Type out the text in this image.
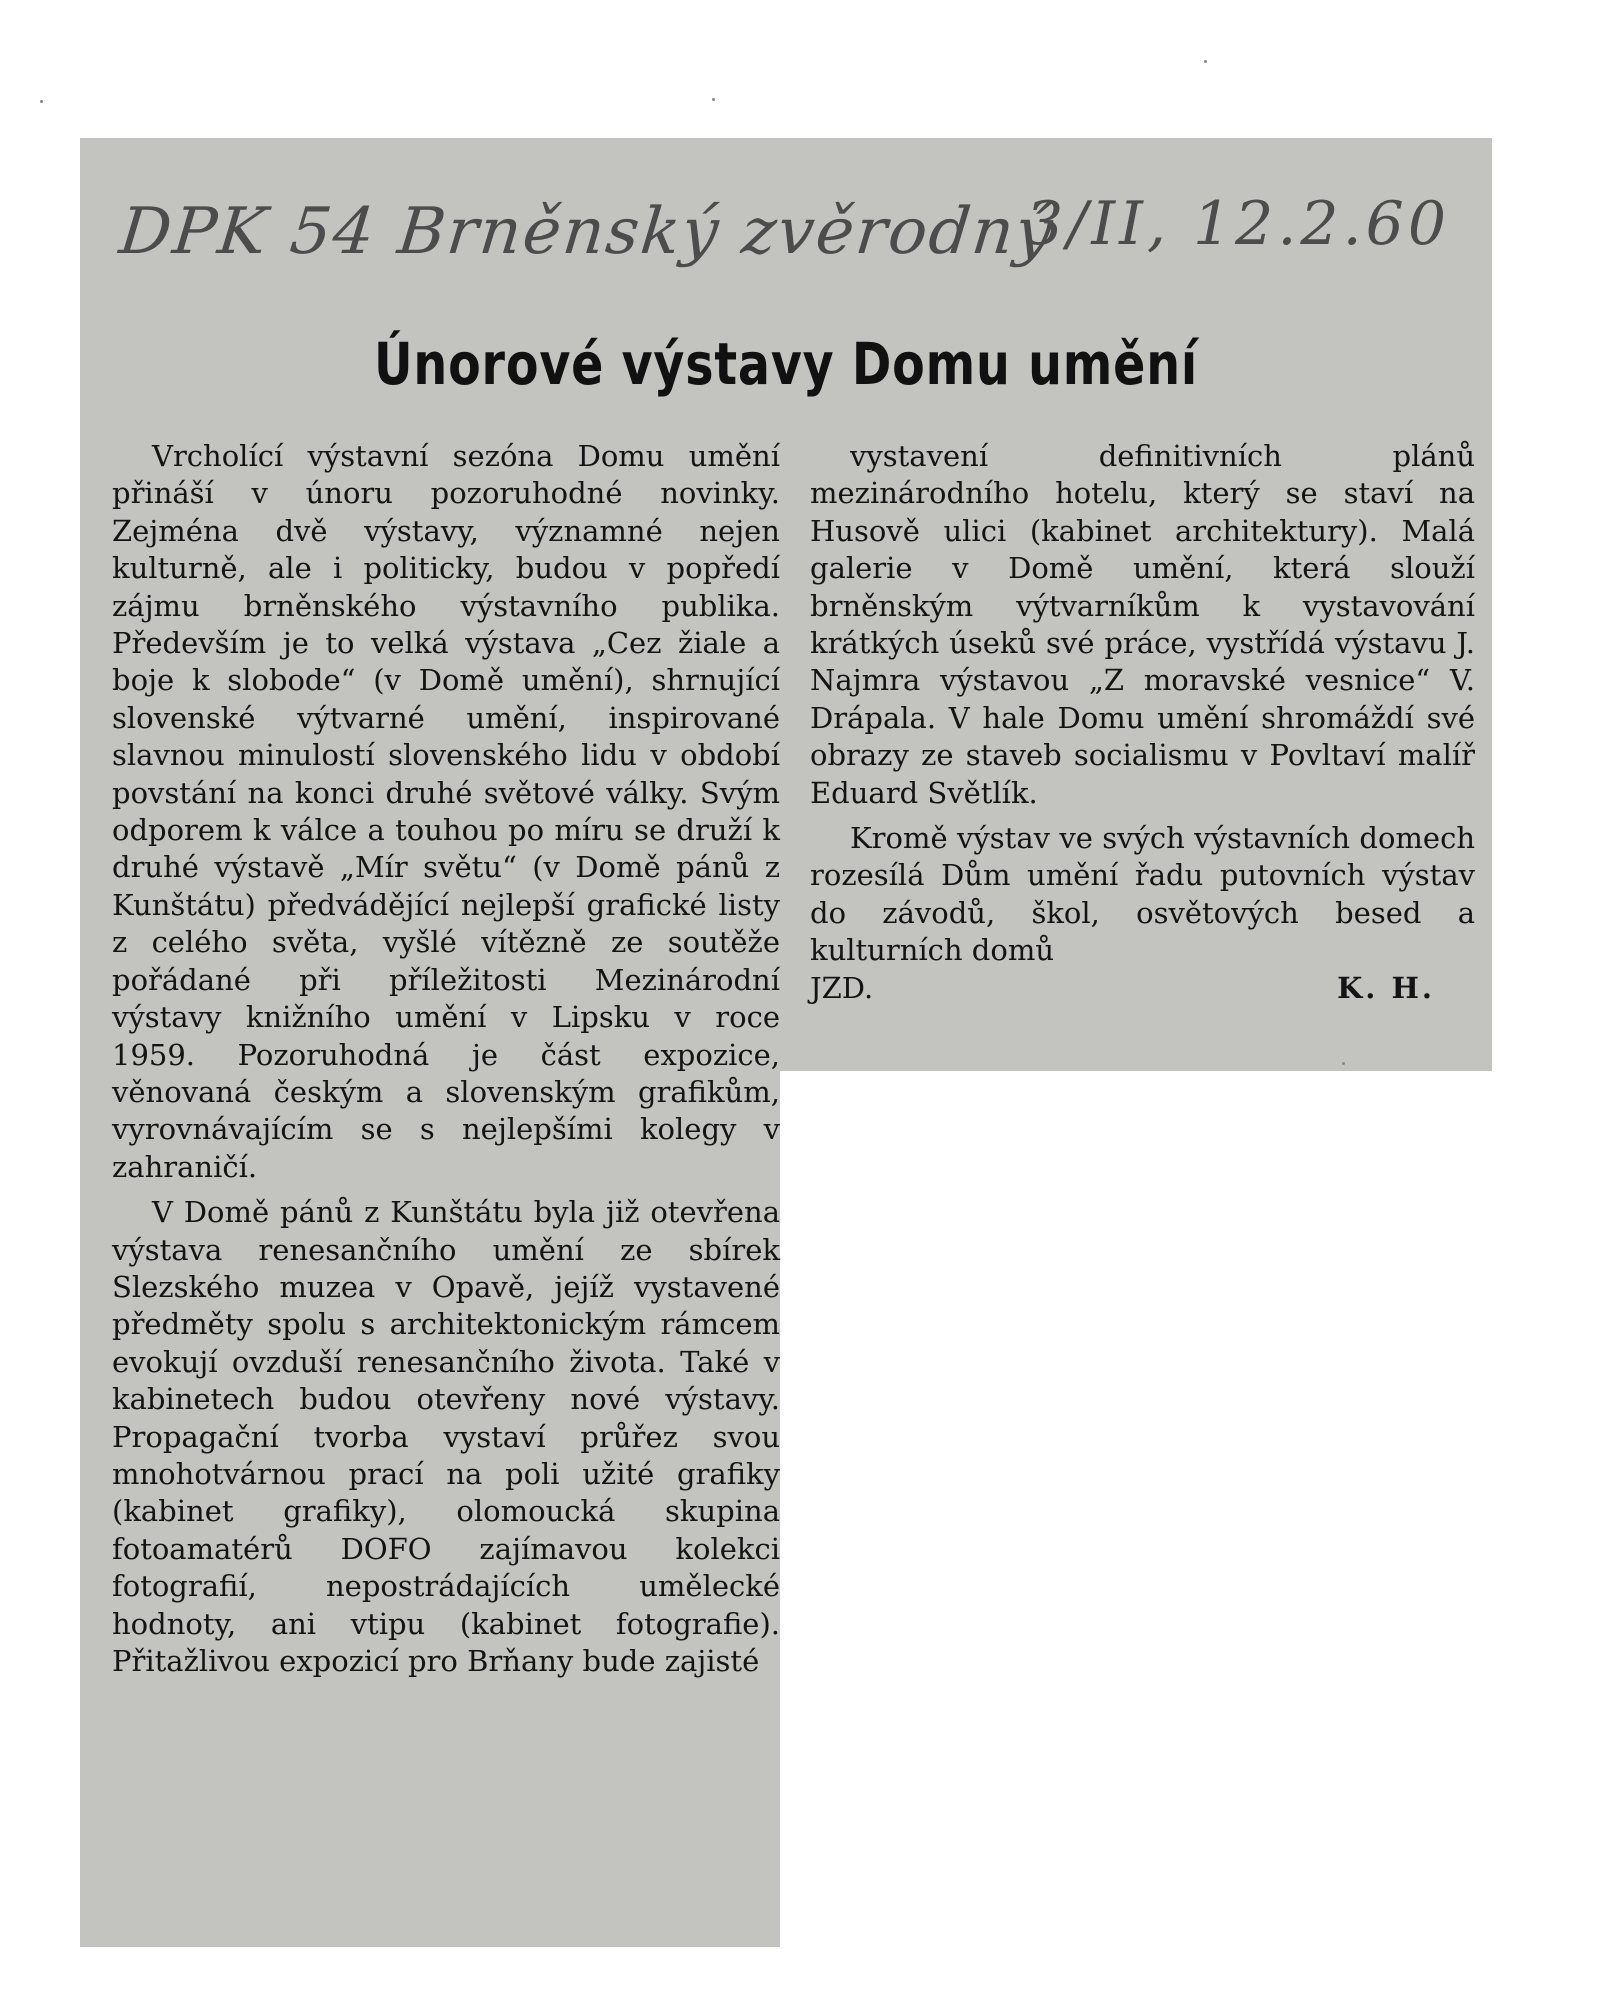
DPK 54 Brněnský zvěrodný
3/II, 12.2.60
Únorové výstavy Domu umění

Vrcholící výstavní sezóna Domu umění přináší v únoru pozoruhodné novinky. Zejména dvě výstavy, významné nejen kulturně, ale i politicky, budou v popředí zájmu brněnského výstavního publika. Především je to velká výstava „Cez žiale a boje k slobode“ (v Domě umění), shrnující slovenské výtvarné umění, inspirované slavnou minulostí slovenského lidu v období povstání na konci druhé světové války. Svým odporem k válce a touhou po míru se druží k druhé výstavě „Mír světu“ (v Domě pánů z Kunštátu) předvádějící nejlepší grafické listy z celého světa, vyšlé vítězně ze soutěže pořádané při příležitosti Mezinárodní výstavy knižního umění v Lipsku v roce 1959. Pozoruhodná je část expozice, věnovaná českým a slovenským grafikům, vyrovnávajícím se s nejlepšími kolegy v zahraničí.

V Domě pánů z Kunštátu byla již otevřena výstava renesančního umění ze sbírek Slezského muzea v Opavě, jejíž vystavené předměty spolu s architektonickým rámcem evokují ovzduší renesančního života. Také v kabinetech budou otevřeny nové výstavy. Propagační tvorba vystaví průřez svou mnohotvárnou prací na poli užité grafiky (kabinet grafiky), olomoucká skupina fotoamatérů DOFO zajímavou kolekci fotografií, nepostrádajících umělecké hodnoty, ani vtipu (kabinet fotografie). Přitažlivou expozicí pro Brňany bude zajisté

vystavení definitivních plánů mezinárodního hotelu, který se staví na Husově ulici (kabinet architektury). Malá galerie v Domě umění, která slouží brněnským výtvarníkům k vystavování krátkých úseků své práce, vystřídá výstavu J. Najmra výstavou „Z moravské vesnice“ V. Drápala. V hale Domu umění shromáždí své obrazy ze staveb socialismu v Povltaví malíř Eduard Světlík.

Kromě výstav ve svých výstavních domech rozesílá Dům umění řadu putovních výstav do závodů, škol, osvětových besed a kulturních domů

JZD.	K. H.
